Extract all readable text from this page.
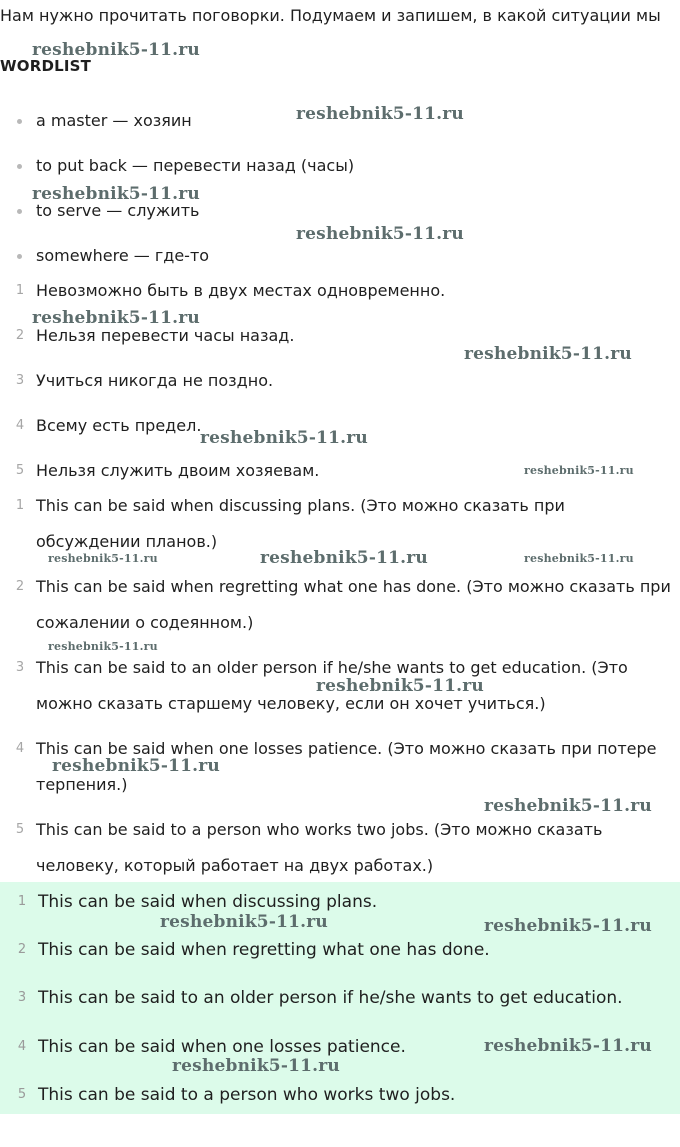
Нам нужно прочитать поговорки. Подумаем и запишем, в какой ситуации мы
WORDLIST
a master — хозяин
to put back — перевести назад (часы)
to serve — служить
somewhere — где-то
1 Невозможно быть в двух местах одновременно.
2 Нельзя перевести часы назад.
3 Учиться никогда не поздно.
4 Всему есть предел.
5 Нельзя служить двоим хозяевам.
1 This can be said when discussing plans. (Это можно сказать при
обсуждении планов.)
2 This can be said when regretting what one has done. (Это можно сказать при
сожалении о содеянном.)
3 This can be said to an older person if he/she wants to get education. (Это
можно сказать старшему человеку, если он хочет учиться.)
4 This can be said when one losses patience. (Это можно сказать при потере
терпения.)
5 This can be said to a person who works two jobs. (Это можно сказать
человеку, который работает на двух работах.)
1 This can be said when discussing plans.
2 This can be said when regretting what one has done.
3 This can be said to an older person if he/she wants to get education.
4 This can be said when one losses patience.
5 This can be said to a person who works two jobs.
reshebnik5-11.ru
reshebnik5-11.ru
reshebnik5-11.ru
reshebnik5-11.ru
reshebnik5-11.ru
reshebnik5-11.ru
reshebnik5-11.ru
reshebnik5-11.ru
reshebnik5-11.ru	reshebnik5-11.ru	reshebnik5-11.ru
reshebnik5-11.ru
reshebnik5-11.ru
reshebnik5-11.ru
reshebnik5-11.ru
reshebnik5-11.ru	reshebnik5-11.ru
reshebnik5-11.ru
reshebnik5-11.ru
